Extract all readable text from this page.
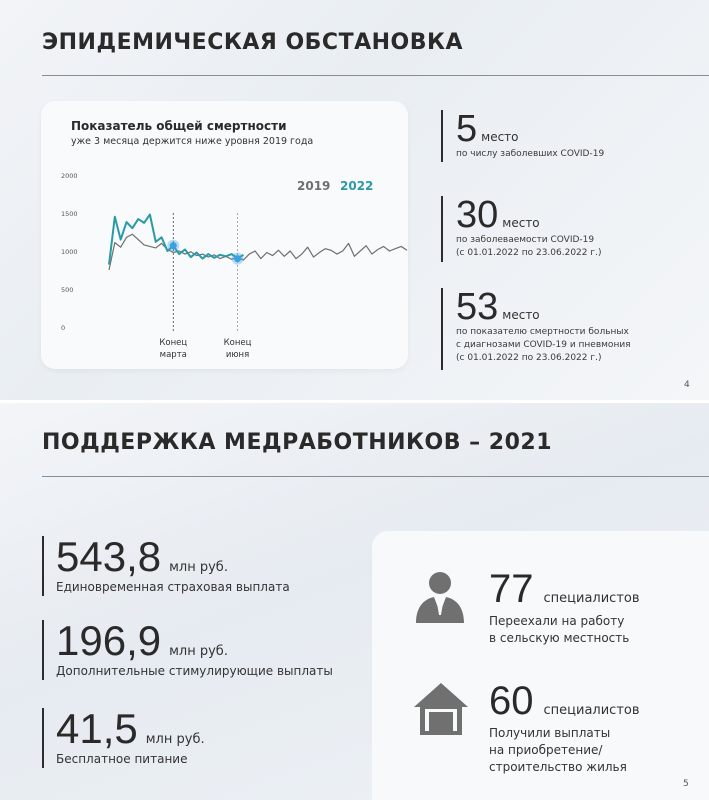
ЭПИДЕМИЧЕСКАЯ ОБСТАНОВКА
0
500
1000
1500
2000
Конец
марта
Конец
июня
2019 2022
Показатель общей смертности
уже 3 месяца держится ниже уровня 2019 года	5 место
по числу заболевших COVID-19
30 место
по заболеваемости COVID-19
(с 01.01.2022 по 23.06.2022 г.)
53 место
по показателю смертности больных
с диагнозами COVID-19 и пневмония
(с 01.01.2022 по 23.06.2022 г.)
4
ПОДДЕРЖКА МЕДРАБОТНИКОВ – 2021
543,8 млн руб.
Единовременная страховая выплата
196,9 млн руб.
Дополнительные стимулирующие выплаты
41,5 млн руб.
Бесплатное питание
77 специалистов
Переехали на работу
в сельскую местность
60 специалистов
Получили выплаты
на приобретение/
строительство жилья
5
